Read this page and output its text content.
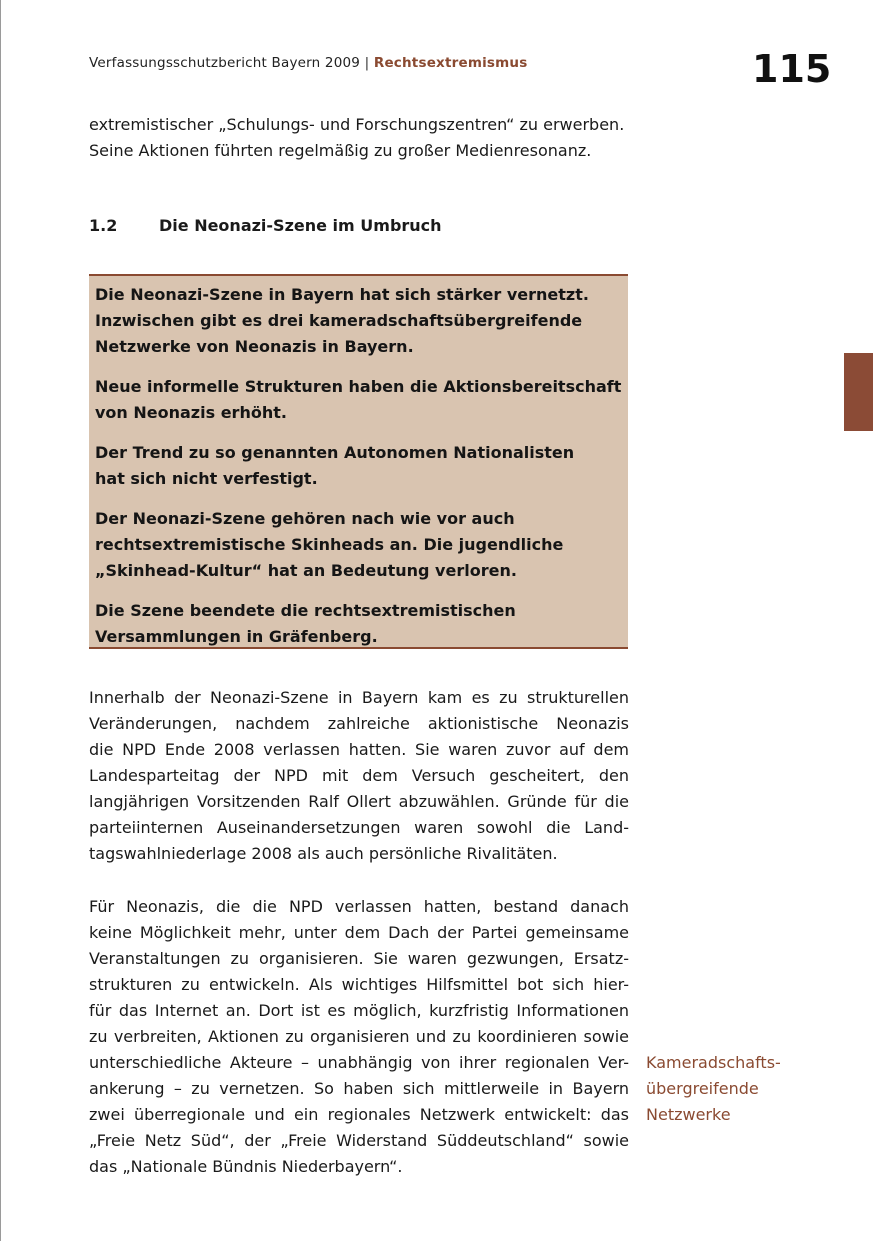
Verfassungsschutzbericht Bayern 2009 | Rechtsextremismus	115
extremistischer „Schulungs- und Forschungszentren“ zu erwerben.
Seine Aktionen führten regelmäßig zu großer Medienresonanz.
1.2	Die Neonazi-Szene im Umbruch

Die Neonazi-Szene in Bayern hat sich stärker vernetzt.
Inzwischen gibt es drei kameradschaftsübergreifende
Netzwerke von Neonazis in Bayern.

Neue informelle Strukturen haben die Aktionsbereitschaft
von Neonazis erhöht.

Der Trend zu so genannten Autonomen Nationalisten
hat sich nicht verfestigt.

Der Neonazi-Szene gehören nach wie vor auch
rechtsextremistische Skinheads an. Die jugendliche
„Skinhead-Kultur“ hat an Bedeutung verloren.

Die Szene beendete die rechtsextremistischen
Versammlungen in Gräfenberg.

Innerhalb der Neonazi-Szene in Bayern kam es zu strukturellen
Veränderungen, nachdem zahlreiche aktionistische Neonazis
die NPD Ende 2008 verlassen hatten. Sie waren zuvor auf dem
Landesparteitag der NPD mit dem Versuch gescheitert, den
langjährigen Vorsitzenden Ralf Ollert abzuwählen. Gründe für die
parteiinternen Auseinandersetzungen waren sowohl die Land-
tagswahlniederlage 2008 als auch persönliche Rivalitäten.
Für Neonazis, die die NPD verlassen hatten, bestand danach
keine Möglichkeit mehr, unter dem Dach der Partei gemeinsame
Veranstaltungen zu organisieren. Sie waren gezwungen, Ersatz-
strukturen zu entwickeln. Als wichtiges Hilfsmittel bot sich hier-
für das Internet an. Dort ist es möglich, kurzfristig Informationen
zu verbreiten, Aktionen zu organisieren und zu koordinieren sowie
unterschiedliche Akteure – unabhängig von ihrer regionalen Ver-
ankerung – zu vernetzen. So haben sich mittlerweile in Bayern
zwei überregionale und ein regionales Netzwerk entwickelt: das
„Freie Netz Süd“, der „Freie Widerstand Süddeutschland“ sowie
das „Nationale Bündnis Niederbayern“.
Kameradschafts-
übergreifende
Netzwerke
